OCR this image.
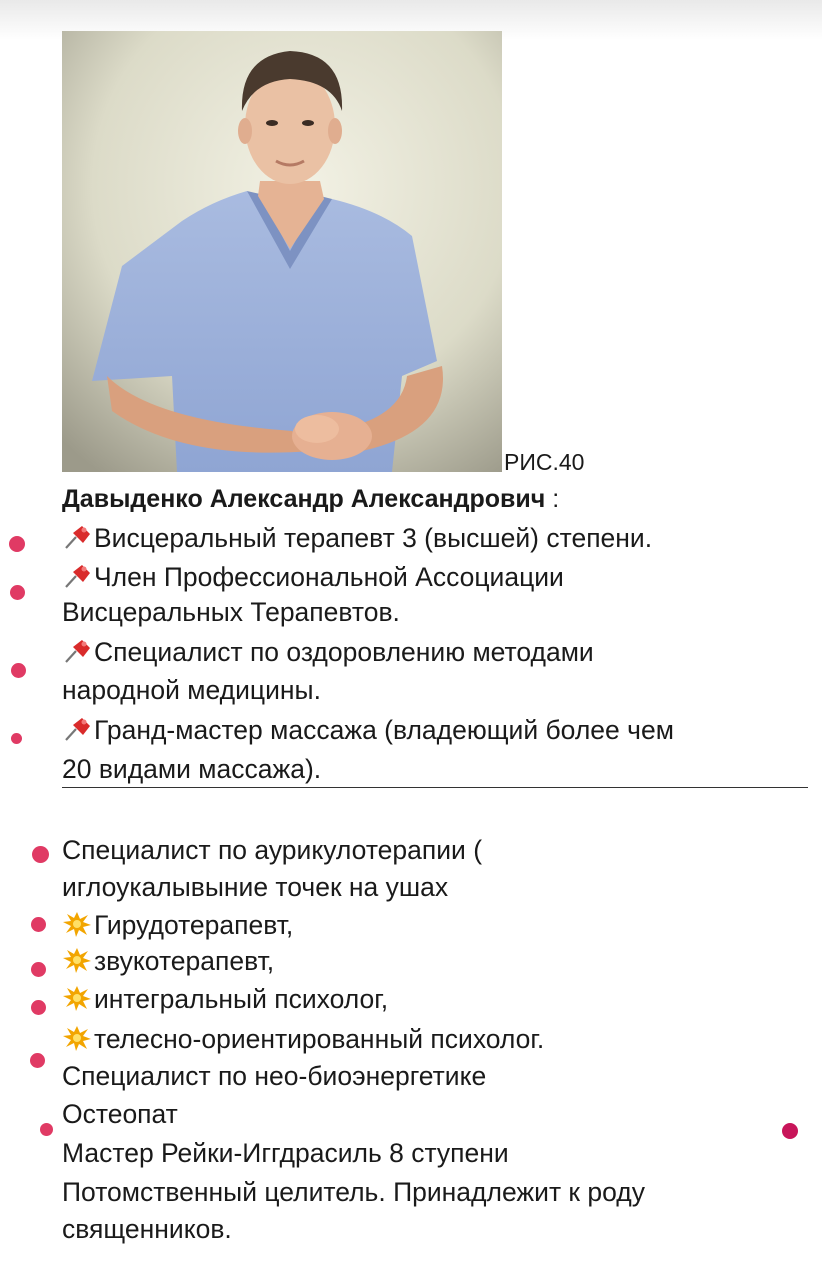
РИС.40
Давыденко Александр Александрович :
Висцеральный терапевт 3 (высшей) степени.
Член Профессиональной Ассоциации
Висцеральных Терапевтов.
Специалист по оздоровлению методами
народной медицины.
Гранд-мастер массажа (владеющий более чем
20 видами массажа).
Специалист по аурикулотерапии (
иглоукалывыние точек на ушах
Гирудотерапевт,
звукотерапевт,
интегральный психолог,
телесно-ориентированный психолог.
Специалист по нео-биоэнергетике
Остеопат
Мастер Рейки-Иггдрасиль 8 ступени
Потомственный целитель. Принадлежит к роду
священников.
